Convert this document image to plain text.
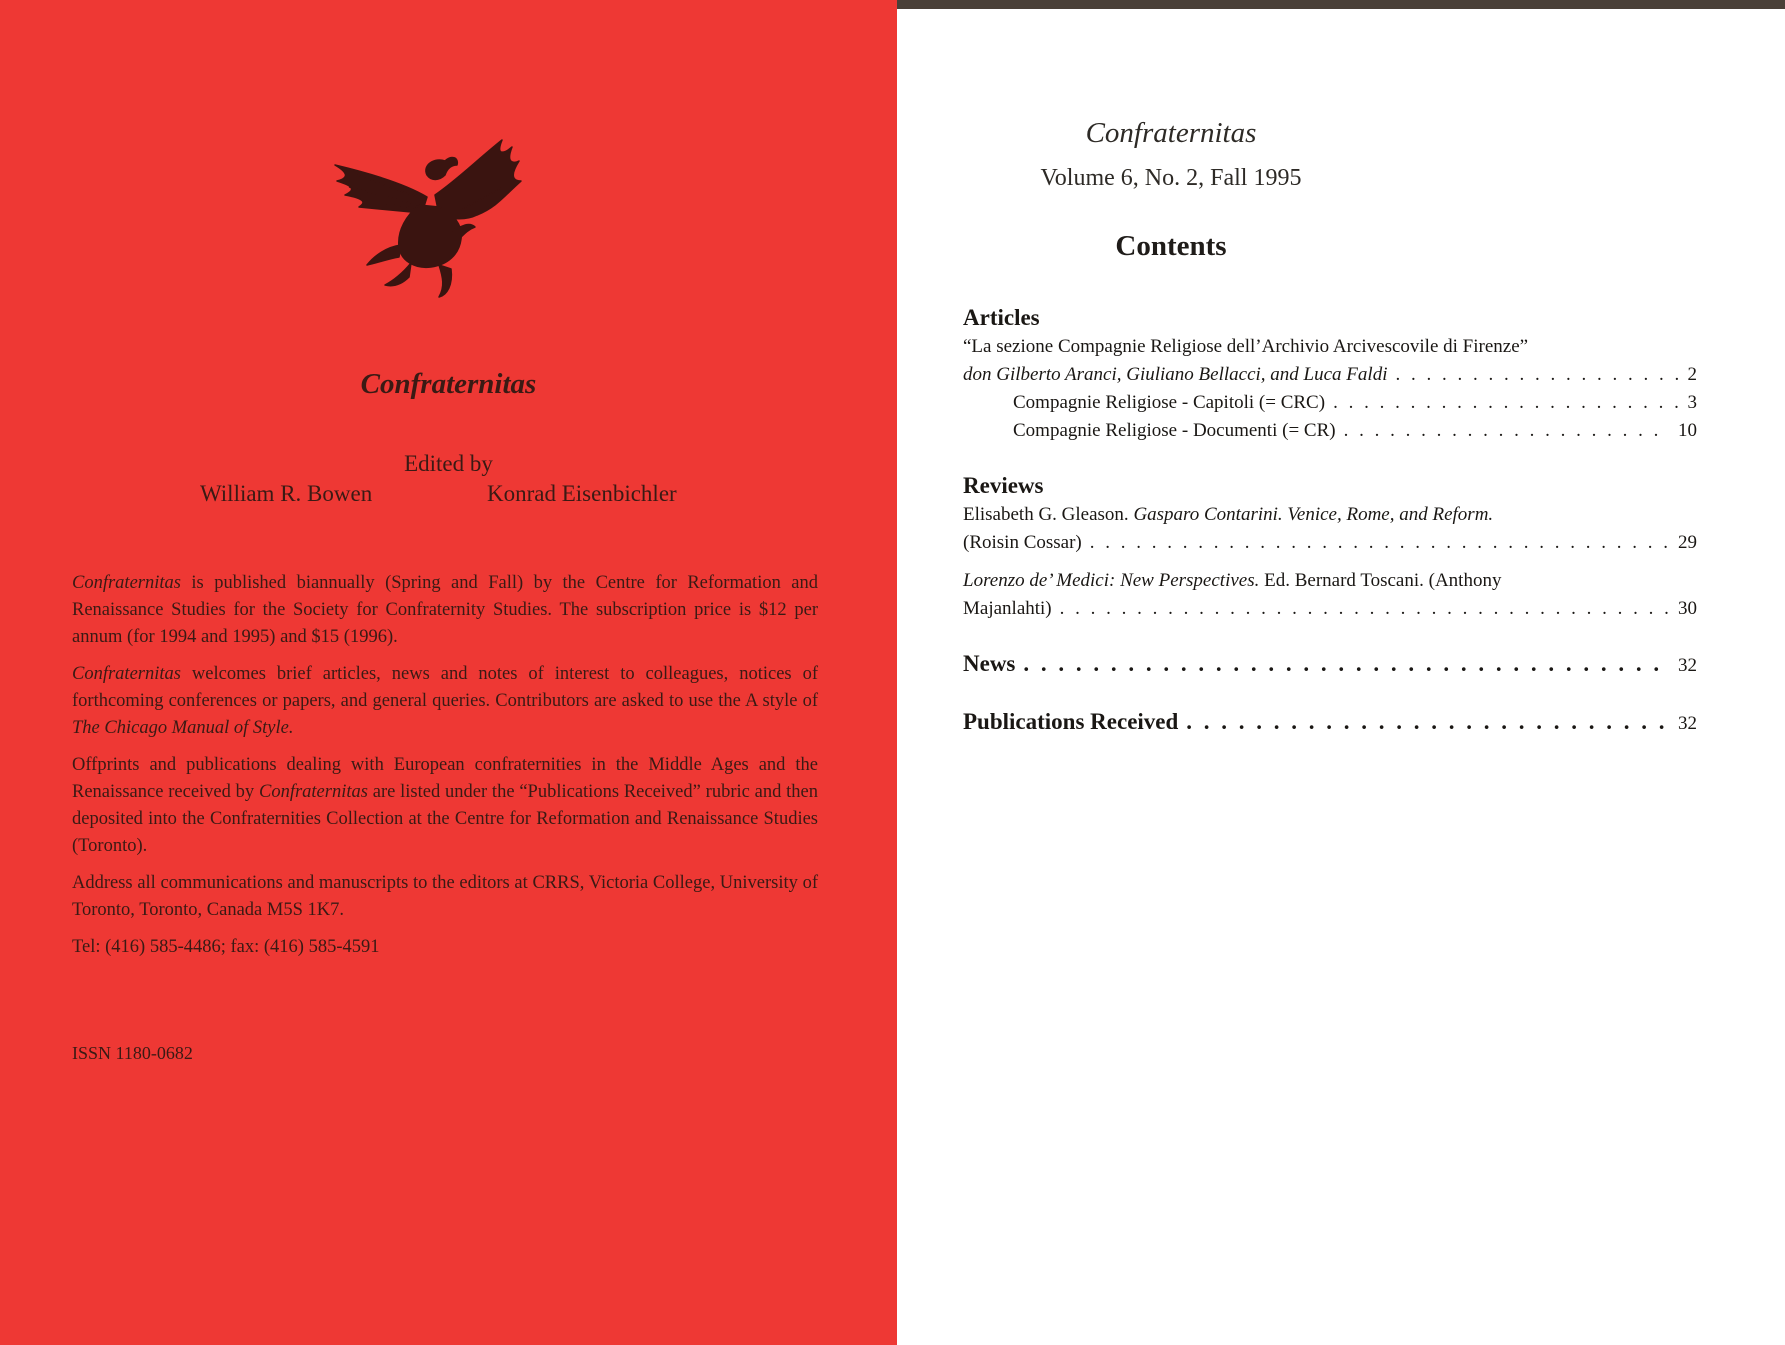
Confraternitas
Edited by
William R. Bowen	Konrad Eisenbichler

Confraternitas is published biannually (Spring and Fall) by the Centre for Reformation and Renaissance Studies for the Society for Confraternity Studies. The subscription price is $12 per annum (for 1994 and 1995) and $15 (1996).

Confraternitas welcomes brief articles, news and notes of interest to colleagues, notices of forthcoming conferences or papers, and general queries. Contributors are asked to use the A style of The Chicago Manual of Style.

Offprints and publications dealing with European confraternities in the Middle Ages and the Renaissance received by Confraternitas are listed under the “Publications Received” rubric and then deposited into the Confraternities Collection at the Centre for Reformation and Renaissance Studies (Toronto).

Address all communications and manuscripts to the editors at CRRS, Victoria College, University of Toronto, Toronto, Canada M5S 1K7.

Tel: (416) 585-4486; fax: (416) 585-4591

ISSN 1180-0682
Confraternitas
Volume 6, No. 2, Fall 1995
Contents
Articles
“La sezione Compagnie Religiose dell’Archivio Arcivescovile di Firenze”
don Gilberto Aranci, Giuliano Bellacci, and Luca Faldi . . .	2
Compagnie Religiose - Capitoli (= CRC) . . .	3
Compagnie Religiose - Documenti (= CR) . . .	10
Reviews
Elisabeth G. Gleason. Gasparo Contarini. Venice, Rome, and Reform.
(Roisin Cossar) . . .	29
Lorenzo de’ Medici: New Perspectives. Ed. Bernard Toscani. (Anthony
Majanlahti) . . .	30
News . . .	32
Publications Received . . .	32
